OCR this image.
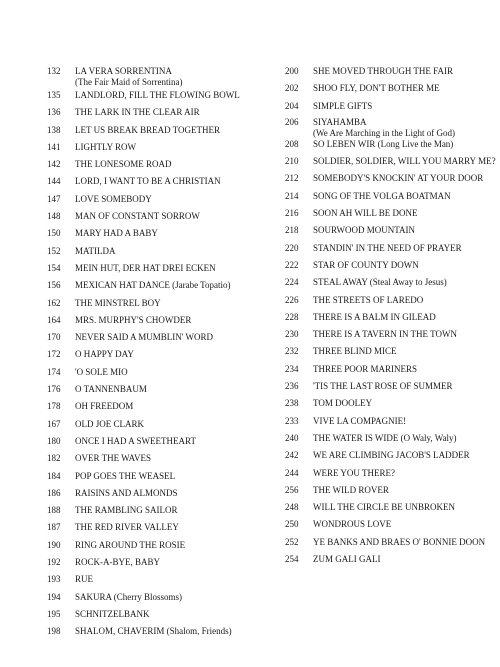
132	LA VERA SORRENTINA
(The Fair Maid of Sorrentina)
135	LANDLORD, FILL THE FLOWING BOWL
136	THE LARK IN THE CLEAR AIR
138	LET US BREAK BREAD TOGETHER
141	LIGHTLY ROW
142	THE LONESOME ROAD
144	LORD, I WANT TO BE A CHRISTIAN
147	LOVE SOMEBODY
148	MAN OF CONSTANT SORROW
150	MARY HAD A BABY
152	MATILDA
154	MEIN HUT, DER HAT DREI ECKEN
156	MEXICAN HAT DANCE (Jarabe Topatio)
162	THE MINSTREL BOY
164	MRS. MURPHY'S CHOWDER
170	NEVER SAID A MUMBLIN' WORD
172	O HAPPY DAY
174	'O SOLE MIO
176	O TANNENBAUM
178	OH FREEDOM
167	OLD JOE CLARK
180	ONCE I HAD A SWEETHEART
182	OVER THE WAVES
184	POP GOES THE WEASEL
186	RAISINS AND ALMONDS
188	THE RAMBLING SAILOR
187	THE RED RIVER VALLEY
190	RING AROUND THE ROSIE
192	ROCK-A-BYE, BABY
193	RUE
194	SAKURA (Cherry Blossoms)
195	SCHNITZELBANK
198	SHALOM, CHAVERIM (Shalom, Friends)
200	SHE MOVED THROUGH THE FAIR
202	SHOO FLY, DON'T BOTHER ME
204	SIMPLE GIFTS
206	SIYAHAMBA
(We Are Marching in the Light of God)
208	SO LEBEN WIR (Long Live the Man)
210	SOLDIER, SOLDIER, WILL YOU MARRY ME?
212	SOMEBODY'S KNOCKIN' AT YOUR DOOR
214	SONG OF THE VOLGA BOATMAN
216	SOON AH WILL BE DONE
218	SOURWOOD MOUNTAIN
220	STANDIN' IN THE NEED OF PRAYER
222	STAR OF COUNTY DOWN
224	STEAL AWAY (Steal Away to Jesus)
226	THE STREETS OF LAREDO
228	THERE IS A BALM IN GILEAD
230	THERE IS A TAVERN IN THE TOWN
232	THREE BLIND MICE
234	THREE POOR MARINERS
236	'TIS THE LAST ROSE OF SUMMER
238	TOM DOOLEY
233	VIVE LA COMPAGNIE!
240	THE WATER IS WIDE (O Waly, Waly)
242	WE ARE CLIMBING JACOB'S LADDER
244	WERE YOU THERE?
256	THE WILD ROVER
248	WILL THE CIRCLE BE UNBROKEN
250	WONDROUS LOVE
252	YE BANKS AND BRAES O' BONNIE DOON
254	ZUM GALI GALI
